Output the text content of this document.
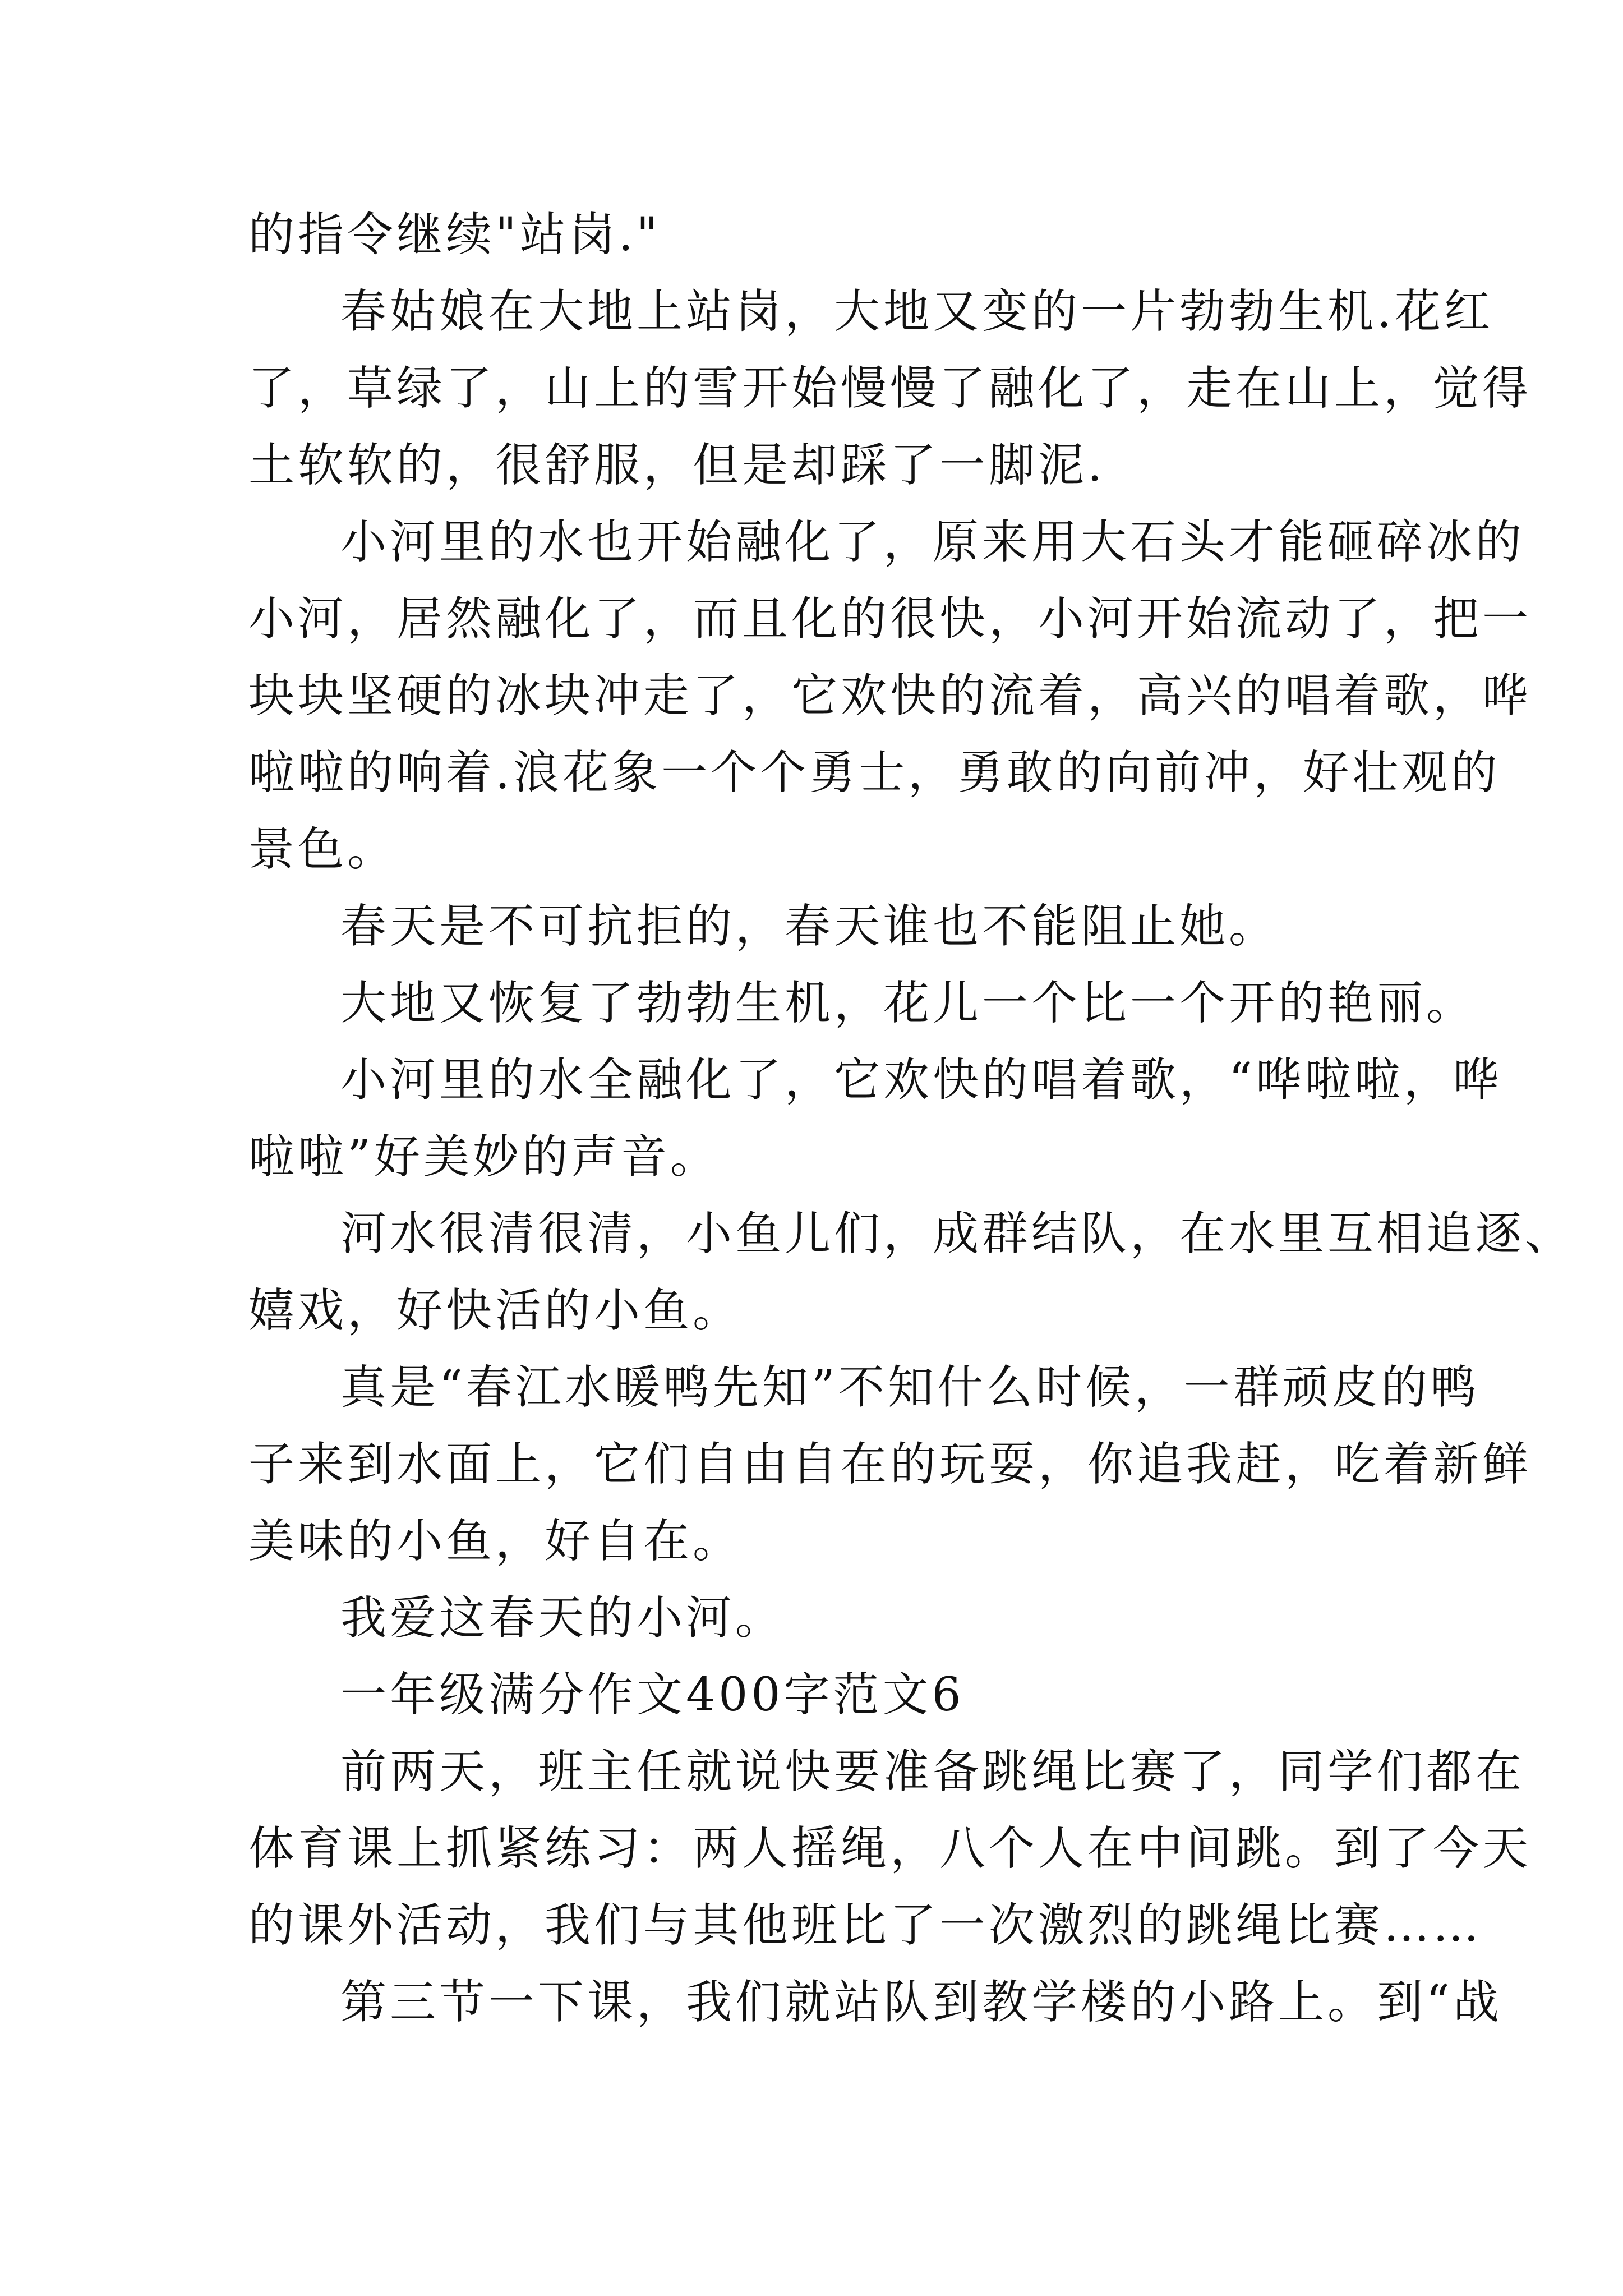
的指令继续"站岗."
春姑娘在大地上站岗，大地又变的一片勃勃生机.花红
了，草绿了，山上的雪开始慢慢了融化了，走在山上，觉得
土软软的，很舒服，但是却踩了一脚泥.
小河里的水也开始融化了，原来用大石头才能砸碎冰的
小河，居然融化了，而且化的很快，小河开始流动了，把一
块块坚硬的冰块冲走了，它欢快的流着，高兴的唱着歌，哗
啦啦的响着.浪花象一个个勇士，勇敢的向前冲，好壮观的
景色。
春天是不可抗拒的，春天谁也不能阻止她。
大地又恢复了勃勃生机，花儿一个比一个开的艳丽。
小河里的水全融化了，它欢快的唱着歌，“哗啦啦，哗
啦啦”好美妙的声音。
河水很清很清，小鱼儿们，成群结队，在水里互相追逐、
嬉戏，好快活的小鱼。
真是“春江水暖鸭先知”不知什么时候，一群顽皮的鸭
子来到水面上，它们自由自在的玩耍，你追我赶，吃着新鲜
美味的小鱼，好自在。
我爱这春天的小河。
一年级满分作文400字范文6
前两天，班主任就说快要准备跳绳比赛了，同学们都在
体育课上抓紧练习：两人摇绳，八个人在中间跳。到了今天
的课外活动，我们与其他班比了一次激烈的跳绳比赛……
第三节一下课，我们就站队到教学楼的小路上。到“战
